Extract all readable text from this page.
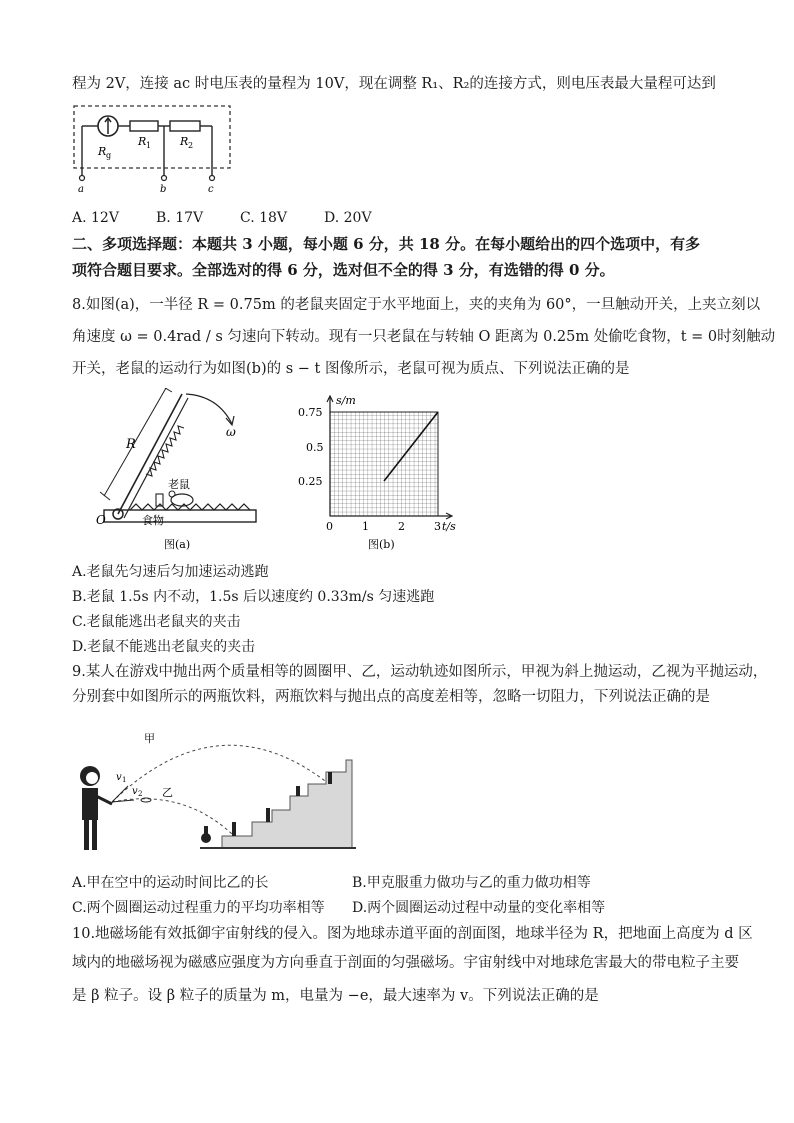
程为 2V，连接 ac 时电压表的量程为 10V，现在调整 R₁、R₂的连接方式，则电压表最大量程可达到
R g
R 1	R 2
a	b	c
A. 12V	B. 17V	C. 18V	D. 20V
二、多项选择题：本题共 3 小题，每小题 6 分，共 18 分。在每小题给出的四个选项中，有多
项符合题目要求。全部选对的得 6 分，选对但不全的得 3 分，有选错的得 0 分。
8.如图(a)，一半径 R = 0.75m 的老鼠夹固定于水平地面上，夹的夹角为 60°，一旦触动开关，上夹立刻以
角速度 ω = 0.4rad / s 匀速向下转动。现有一只老鼠在与转轴 O 距离为 0.25m 处偷吃食物，t = 0时刻触动
开关，老鼠的运动行为如图(b)的 s − t 图像所示，老鼠可视为质点、下列说法正确的是
R
ω
老鼠
O	食物
图(a)
s/m
t/s
0.75
0.5
0.25
0	1	2	3
图(b)
A.老鼠先匀速后匀加速运动逃跑
B.老鼠 1.5s 内不动，1.5s 后以速度约 0.33m/s 匀速逃跑
C.老鼠能逃出老鼠夹的夹击
D.老鼠不能逃出老鼠夹的夹击
9.某人在游戏中抛出两个质量相等的圆圈甲、乙，运动轨迹如图所示，甲视为斜上抛运动，乙视为平抛运动，
分别套中如图所示的两瓶饮料，两瓶饮料与抛出点的高度差相等，忽略一切阻力，下列说法正确的是
甲
乙
v 1
v 2
A.甲在空中的运动时间比乙的长	B.甲克服重力做功与乙的重力做功相等
C.两个圆圈运动过程重力的平均功率相等 D.两个圆圈运动过程中动量的变化率相等
10.地磁场能有效抵御宇宙射线的侵入。图为地球赤道平面的剖面图，地球半径为 R，把地面上高度为 d 区
域内的地磁场视为磁感应强度为方向垂直于剖面的匀强磁场。宇宙射线中对地球危害最大的带电粒子主要
是 β 粒子。设 β 粒子的质量为 m，电量为 −e，最大速率为 v。下列说法正确的是
